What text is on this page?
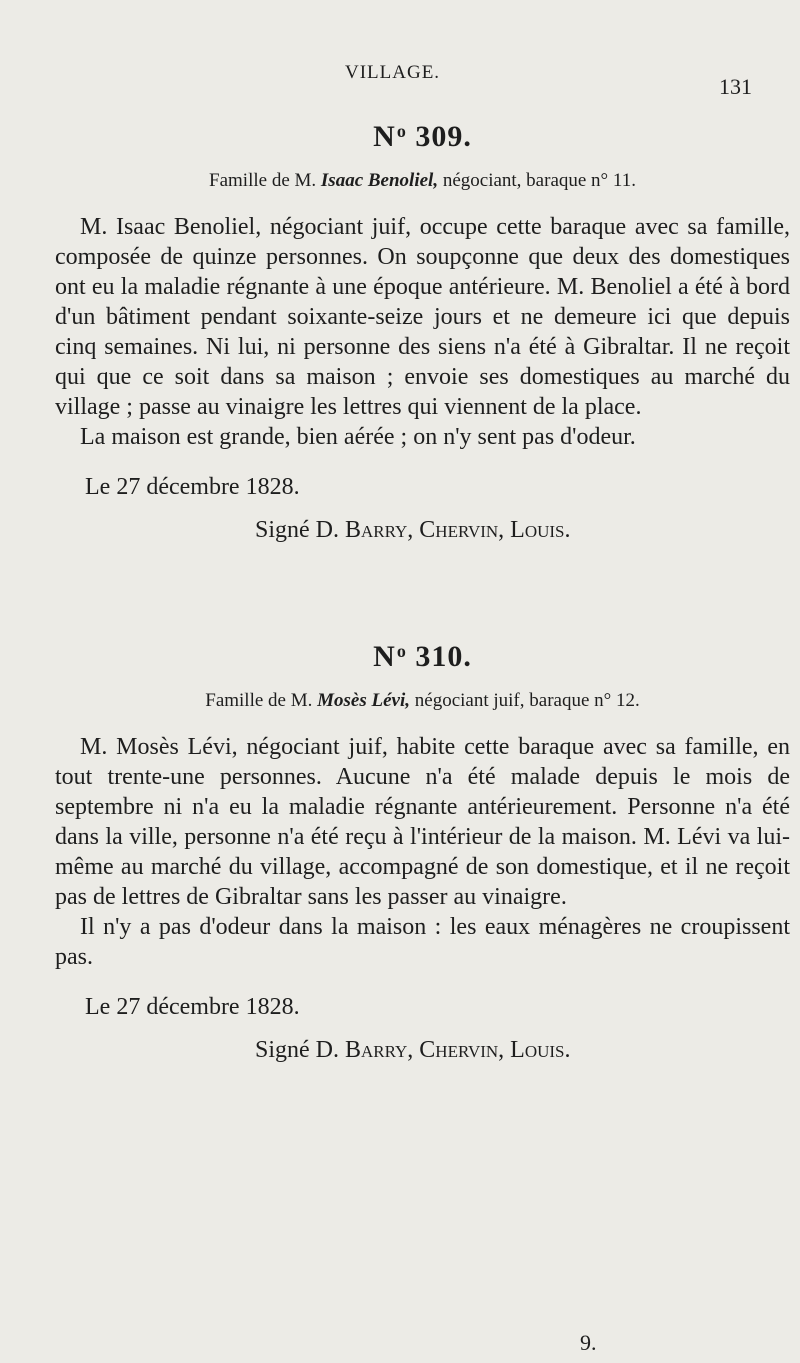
VILLAGE.
131
$N^o$ 309.
Famille de M. Isaac Benoliel, négociant, baraque n° 11.

M. Isaac Benoliel, négociant juif, occupe cette baraque avec sa famille, composée de quinze personnes. On soupçonne que deux des domestiques ont eu la maladie régnante à une époque antérieure. M. Benoliel a été à bord d'un bâtiment pendant soixante-seize jours et ne demeure ici que depuis cinq semaines. Ni lui, ni personne des siens n'a été à Gibraltar. Il ne reçoit qui que ce soit dans sa maison ; envoie ses domestiques au marché du village ; passe au vinaigre les lettres qui viennent de la place.

La maison est grande, bien aérée ; on n'y sent pas d'odeur.

Le 27 décembre 1828.
Signé D. Barry, Chervin, Louis.
$N^o$ 310.
Famille de M. Mosès Lévi, négociant juif, baraque n° 12.

M. Mosès Lévi, négociant juif, habite cette baraque avec sa famille, en tout trente-une personnes. Aucune n'a été malade depuis le mois de septembre ni n'a eu la maladie régnante antérieurement. Personne n'a été dans la ville, personne n'a été reçu à l'intérieur de la maison. M. Lévi va lui-même au marché du village, accompagné de son domestique, et il ne reçoit pas de lettres de Gibraltar sans les passer au vinaigre.

Il n'y a pas d'odeur dans la maison : les eaux ménagères ne croupissent pas.

Le 27 décembre 1828.
Signé D. Barry, Chervin, Louis.
9.
